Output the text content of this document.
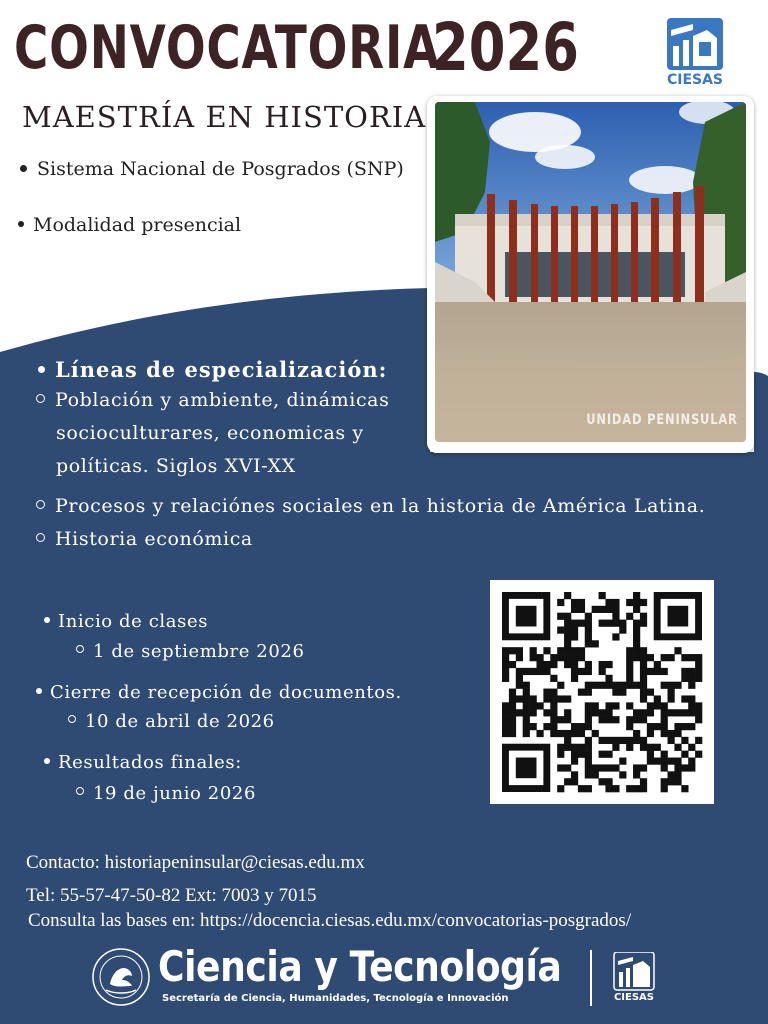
CONVOCATORIA
2026	CIESAS
MAESTRÍA EN HISTORIA
Sistema Nacional de Posgrados (SNP)
Modalidad presencial
UNIDAD PENINSULAR
Líneas de especialización:
Población y ambiente, dinámicas
socioculturares, economicas y
políticas. Siglos XVI-XX
Procesos y relaciónes sociales en la historia de América Latina.
Historia económica
Inicio de clases
1 de septiembre 2026
Cierre de recepción de documentos.
10 de abril de 2026
Resultados finales:
19 de junio 2026
Contacto: historiapeninsular@ciesas.edu.mx
Tel: 55-57-47-50-82 Ext: 7003 y 7015
Consulta las bases en: https://docencia.ciesas.edu.mx/convocatorias-posgrados/
Ciencia y Tecnología
Secretaría de Ciencia, Humanidades, Tecnología e Innovación	CIESAS
